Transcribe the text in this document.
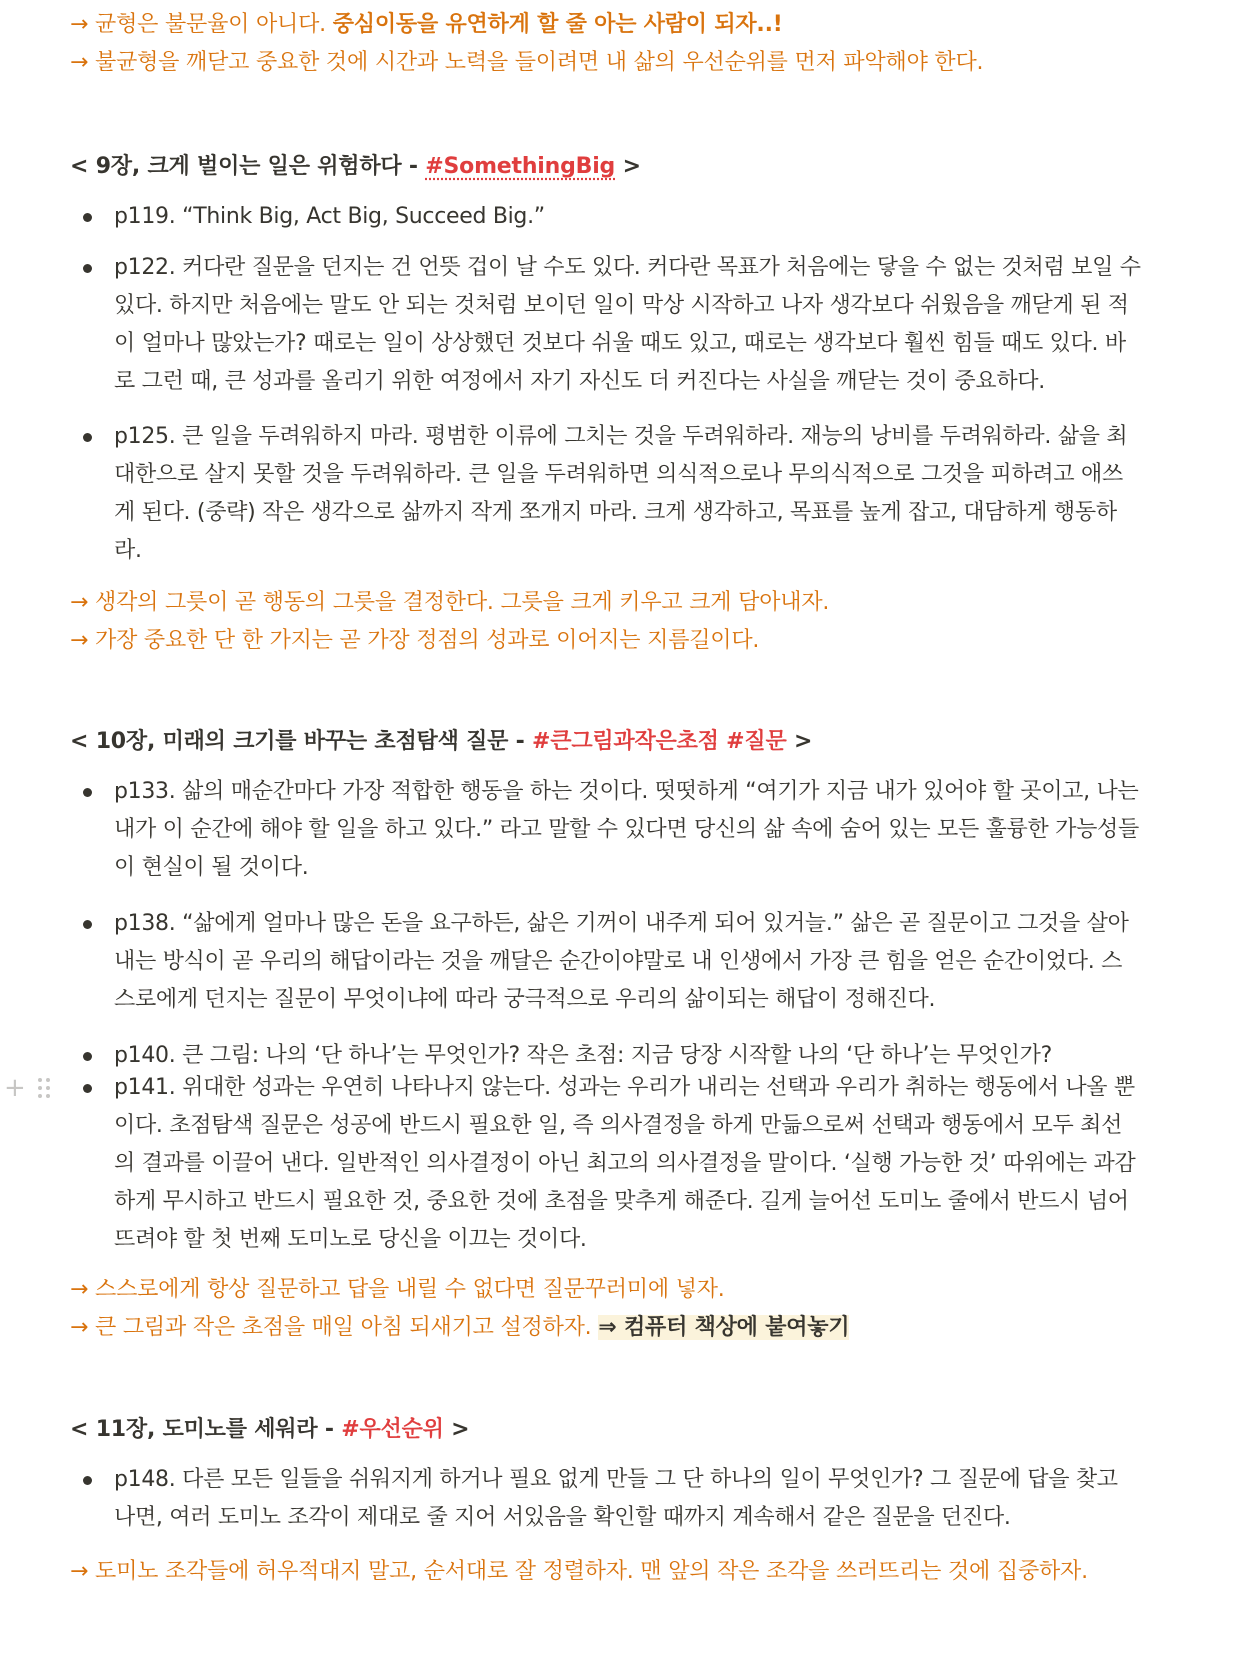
→ 균형은 불문율이 아니다. 중심이동을 유연하게 할 줄 아는 사람이 되자..!
→ 불균형을 깨닫고 중요한 것에 시간과 노력을 들이려면 내 삶의 우선순위를 먼저 파악해야 한다.
< 9장, 크게 벌이는 일은 위험하다 - #SomethingBig >
p119. “Think Big, Act Big, Succeed Big.”
p122. 커다란 질문을 던지는 건 언뜻 겁이 날 수도 있다. 커다란 목표가 처음에는 닿을 수 없는 것처럼 보일 수
있다. 하지만 처음에는 말도 안 되는 것처럼 보이던 일이 막상 시작하고 나자 생각보다 쉬웠음을 깨닫게 된 적
이 얼마나 많았는가? 때로는 일이 상상했던 것보다 쉬울 때도 있고, 때로는 생각보다 훨씬 힘들 때도 있다. 바
로 그런 때, 큰 성과를 올리기 위한 여정에서 자기 자신도 더 커진다는 사실을 깨닫는 것이 중요하다.
p125. 큰 일을 두려워하지 마라. 평범한 이류에 그치는 것을 두려워하라. 재능의 낭비를 두려워하라. 삶을 최
대한으로 살지 못할 것을 두려워하라. 큰 일을 두려워하면 의식적으로나 무의식적으로 그것을 피하려고 애쓰
게 된다. (중략) 작은 생각으로 삶까지 작게 쪼개지 마라. 크게 생각하고, 목표를 높게 잡고, 대담하게 행동하
라.
→ 생각의 그릇이 곧 행동의 그릇을 결정한다. 그릇을 크게 키우고 크게 담아내자.
→ 가장 중요한 단 한 가지는 곧 가장 정점의 성과로 이어지는 지름길이다.
< 10장, 미래의 크기를 바꾸는 초점탐색 질문 - #큰그림과작은초점 #질문 >
p133. 삶의 매순간마다 가장 적합한 행동을 하는 것이다. 떳떳하게 “여기가 지금 내가 있어야 할 곳이고, 나는
내가 이 순간에 해야 할 일을 하고 있다.” 라고 말할 수 있다면 당신의 삶 속에 숨어 있는 모든 훌륭한 가능성들
이 현실이 될 것이다.
p138. “삶에게 얼마나 많은 돈을 요구하든, 삶은 기꺼이 내주게 되어 있거늘.” 삶은 곧 질문이고 그것을 살아
내는 방식이 곧 우리의 해답이라는 것을 깨달은 순간이야말로 내 인생에서 가장 큰 힘을 얻은 순간이었다. 스
스로에게 던지는 질문이 무엇이냐에 따라 궁극적으로 우리의 삶이되는 해답이 정해진다.
p140. 큰 그림: 나의 ‘단 하나’는 무엇인가? 작은 초점: 지금 당장 시작할 나의 ‘단 하나’는 무엇인가?
+	p141. 위대한 성과는 우연히 나타나지 않는다. 성과는 우리가 내리는 선택과 우리가 취하는 행동에서 나올 뿐
이다. 초점탐색 질문은 성공에 반드시 필요한 일, 즉 의사결정을 하게 만듦으로써 선택과 행동에서 모두 최선
의 결과를 이끌어 낸다. 일반적인 의사결정이 아닌 최고의 의사결정을 말이다. ‘실행 가능한 것’ 따위에는 과감
하게 무시하고 반드시 필요한 것, 중요한 것에 초점을 맞추게 해준다. 길게 늘어선 도미노 줄에서 반드시 넘어
뜨려야 할 첫 번째 도미노로 당신을 이끄는 것이다.
→ 스스로에게 항상 질문하고 답을 내릴 수 없다면 질문꾸러미에 넣자.
→ 큰 그림과 작은 초점을 매일 아침 되새기고 설정하자. ⇒ 컴퓨터 책상에 붙여놓기
< 11장, 도미노를 세워라 - #우선순위 >
p148. 다른 모든 일들을 쉬워지게 하거나 필요 없게 만들 그 단 하나의 일이 무엇인가? 그 질문에 답을 찾고
나면, 여러 도미노 조각이 제대로 줄 지어 서있음을 확인할 때까지 계속해서 같은 질문을 던진다.
→ 도미노 조각들에 허우적대지 말고, 순서대로 잘 정렬하자. 맨 앞의 작은 조각을 쓰러뜨리는 것에 집중하자.
